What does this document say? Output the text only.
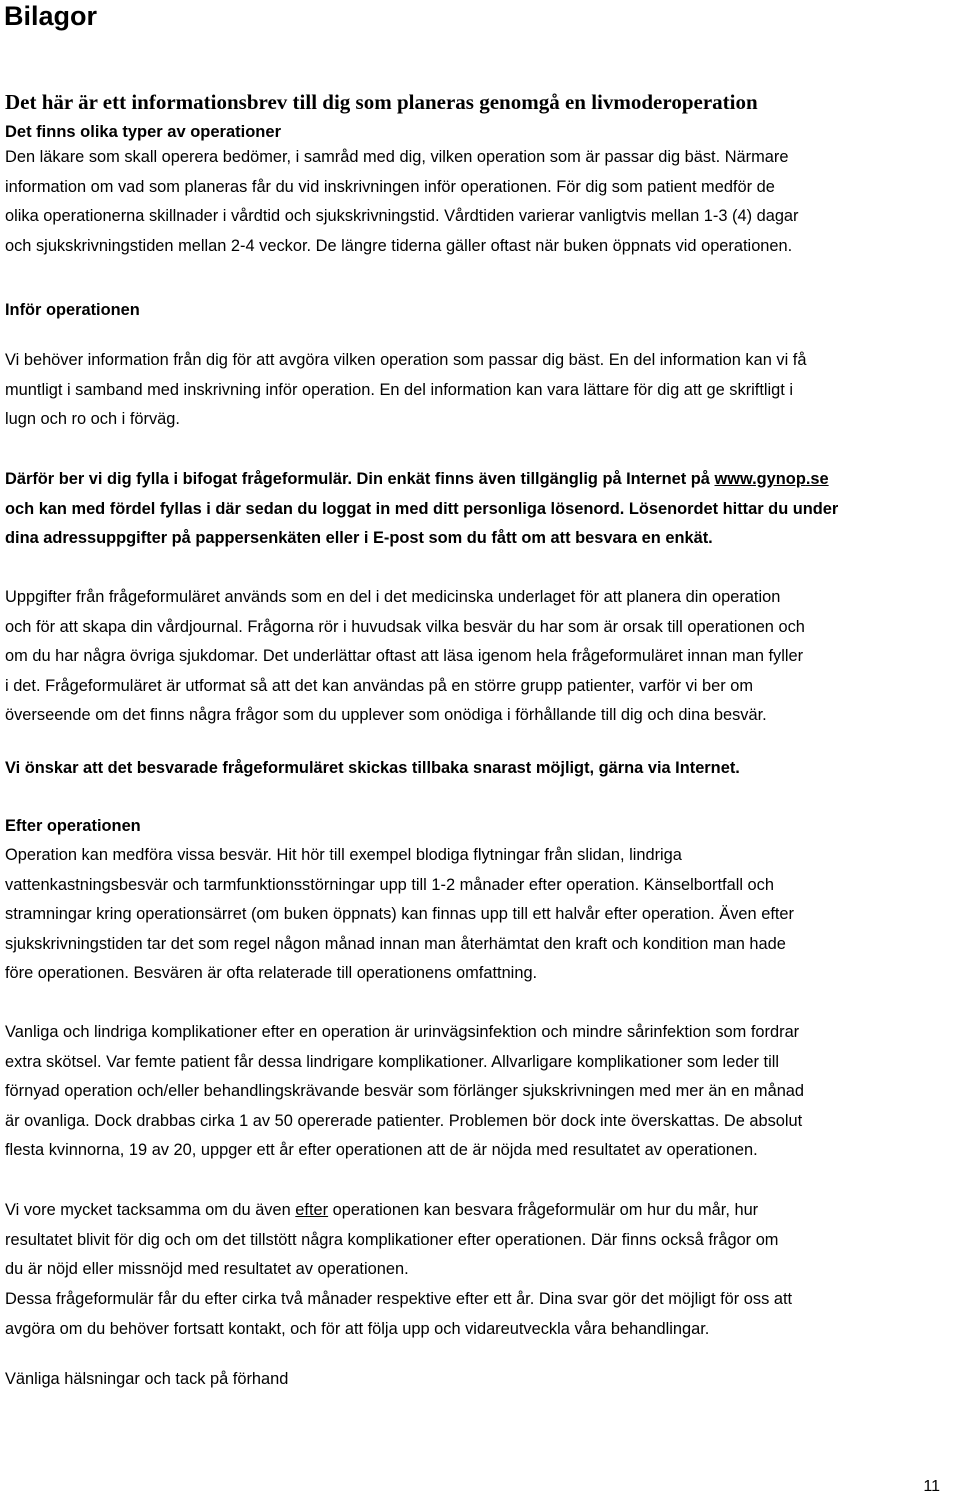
Bilagor
Det här är ett informationsbrev till dig som planeras genomgå en livmoderoperation
Det finns olika typer av operationer

Den läkare som skall operera bedömer, i samråd med dig, vilken operation som är passar dig bäst. Närmare
information om vad som planeras får du vid inskrivningen inför operationen. För dig som patient medför de
olika operationerna skillnader i vårdtid och sjukskrivningstid. Vårdtiden varierar vanligtvis mellan 1-3 (4) dagar
och sjukskrivningstiden mellan 2-4 veckor. De längre tiderna gäller oftast när buken öppnats vid operationen.

Inför operationen

Vi behöver information från dig för att avgöra vilken operation som passar dig bäst. En del information kan vi få
muntligt i samband med inskrivning inför operation. En del information kan vara lättare för dig att ge skriftligt i
lugn och ro och i förväg.

Därför ber vi dig fylla i bifogat frågeformulär. Din enkät finns även tillgänglig på Internet på www.gynop.se
och kan med fördel fyllas i där sedan du loggat in med ditt personliga lösenord. Lösenordet hittar du under
dina adressuppgifter på pappersenkäten eller i E-post som du fått om att besvara en enkät.

Uppgifter från frågeformuläret används som en del i det medicinska underlaget för att planera din operation
och för att skapa din vårdjournal. Frågorna rör i huvudsak vilka besvär du har som är orsak till operationen och
om du har några övriga sjukdomar. Det underlättar oftast att läsa igenom hela frågeformuläret innan man fyller
i det. Frågeformuläret är utformat så att det kan användas på en större grupp patienter, varför vi ber om
överseende om det finns några frågor som du upplever som onödiga i förhållande till dig och dina besvär.

Vi önskar att det besvarade frågeformuläret skickas tillbaka snarast möjligt, gärna via Internet.

Efter operationen

Operation kan medföra vissa besvär. Hit hör till exempel blodiga flytningar från slidan, lindriga
vattenkastningsbesvär och tarmfunktionsstörningar upp till 1-2 månader efter operation. Känselbortfall och
stramningar kring operationsärret (om buken öppnats) kan finnas upp till ett halvår efter operation. Även efter
sjukskrivningstiden tar det som regel någon månad innan man återhämtat den kraft och kondition man hade
före operationen. Besvären är ofta relaterade till operationens omfattning.

Vanliga och lindriga komplikationer efter en operation är urinvägsinfektion och mindre sårinfektion som fordrar
extra skötsel. Var femte patient får dessa lindrigare komplikationer. Allvarligare komplikationer som leder till
förnyad operation och/eller behandlingskrävande besvär som förlänger sjukskrivningen med mer än en månad
är ovanliga. Dock drabbas cirka 1 av 50 opererade patienter. Problemen bör dock inte överskattas. De absolut
flesta kvinnorna, 19 av 20, uppger ett år efter operationen att de är nöjda med resultatet av operationen.

Vi vore mycket tacksamma om du även efter operationen kan besvara frågeformulär om hur du mår, hur
resultatet blivit för dig och om det tillstött några komplikationer efter operationen. Där finns också frågor om
du är nöjd eller missnöjd med resultatet av operationen.

Dessa frågeformulär får du efter cirka två månader respektive efter ett år. Dina svar gör det möjligt för oss att
avgöra om du behöver fortsatt kontakt, och för att följa upp och vidareutveckla våra behandlingar.

Vänliga hälsningar och tack på förhand

11
